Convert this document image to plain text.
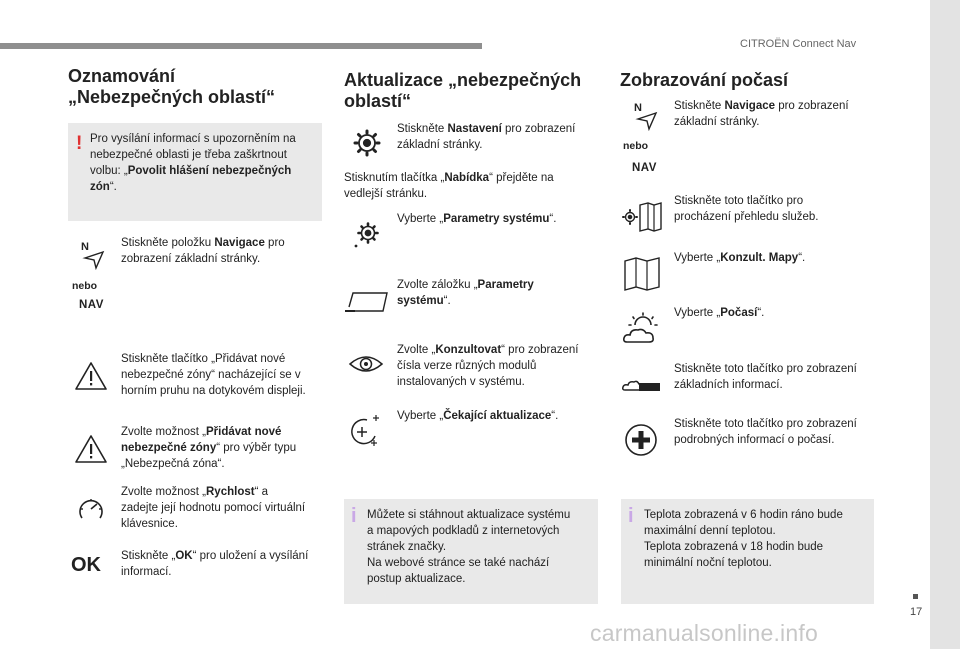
CITROËN Connect Nav
17
carmanualsonline.info
Oznamování
„Nebezpečných oblastí“
! Pro vysílání informací s upozorněním na
nebezpečné oblasti je třeba zaškrtnout
volbu: „Povolit hlášení nebezpečných
zón“.
N
nebo
NAV
Stiskněte položku Navigace pro
zobrazení základní stránky.
Stiskněte tlačítko „Přidávat nové
nebezpečné zóny“ nacházející se v
horním pruhu na dotykovém displeji.
Zvolte možnost „Přidávat nové
nebezpečné zóny“ pro výběr typu
„Nebezpečná zóna“.
Zvolte možnost „Rychlost“ a
zadejte její hodnotu pomocí virtuální
klávesnice.
OK Stiskněte „OK“ pro uložení a vysílání
informací.
Aktualizace „nebezpečných
oblastí“
Stiskněte Nastavení pro zobrazení
základní stránky.
Stisknutím tlačítka „Nabídka“ přejděte na
vedlejší stránku.
Vyberte „Parametry systému“.
Zvolte záložku „Parametry
systému“.
Zvolte „Konzultovat“ pro zobrazení
čísla verze různých modulů
instalovaných v systému.
Vyberte „Čekající aktualizace“.
i Můžete si stáhnout aktualizace systému
a mapových podkladů z internetových
stránek značky.
Na webové stránce se také nachází
postup aktualizace.
Zobrazování počasí
N
nebo
NAV
Stiskněte Navigace pro zobrazení
základní stránky.
Stiskněte toto tlačítko pro
procházení přehledu služeb.
Vyberte „Konzult. Mapy“.
Vyberte „Počasí“.
Stiskněte toto tlačítko pro zobrazení
základních informací.
Stiskněte toto tlačítko pro zobrazení
podrobných informací o počasí.
i Teplota zobrazená v 6 hodin ráno bude
maximální denní teplotou.
Teplota zobrazená v 18 hodin bude
minimální noční teplotou.
